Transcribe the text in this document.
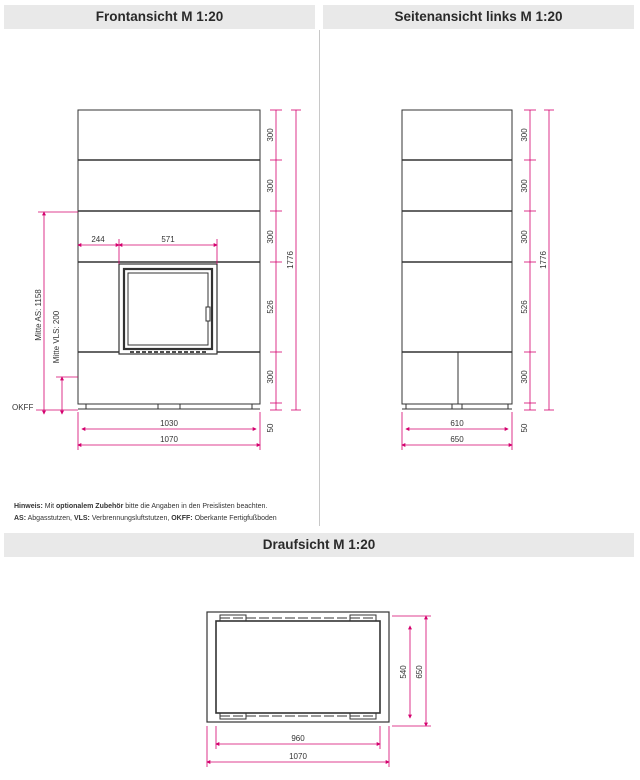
Frontansicht M 1:20	Seitenansicht links M 1:20
Draufsicht M 1:20
Hinweis: Mit optionalem Zubehör bitte die Angaben in den Preislisten beachten.
AS: Abgasstutzen, VLS: Verbrennungsluftstutzen, OKFF: Oberkante Fertigfußboden
300
300
300
526
300
50
1776
Mitte AS: 1158 Mitte VLS: 200
OKFF
244	571
1030
1070
300
300
300
526
300
50
1776
610
650
540 650
960
1070
